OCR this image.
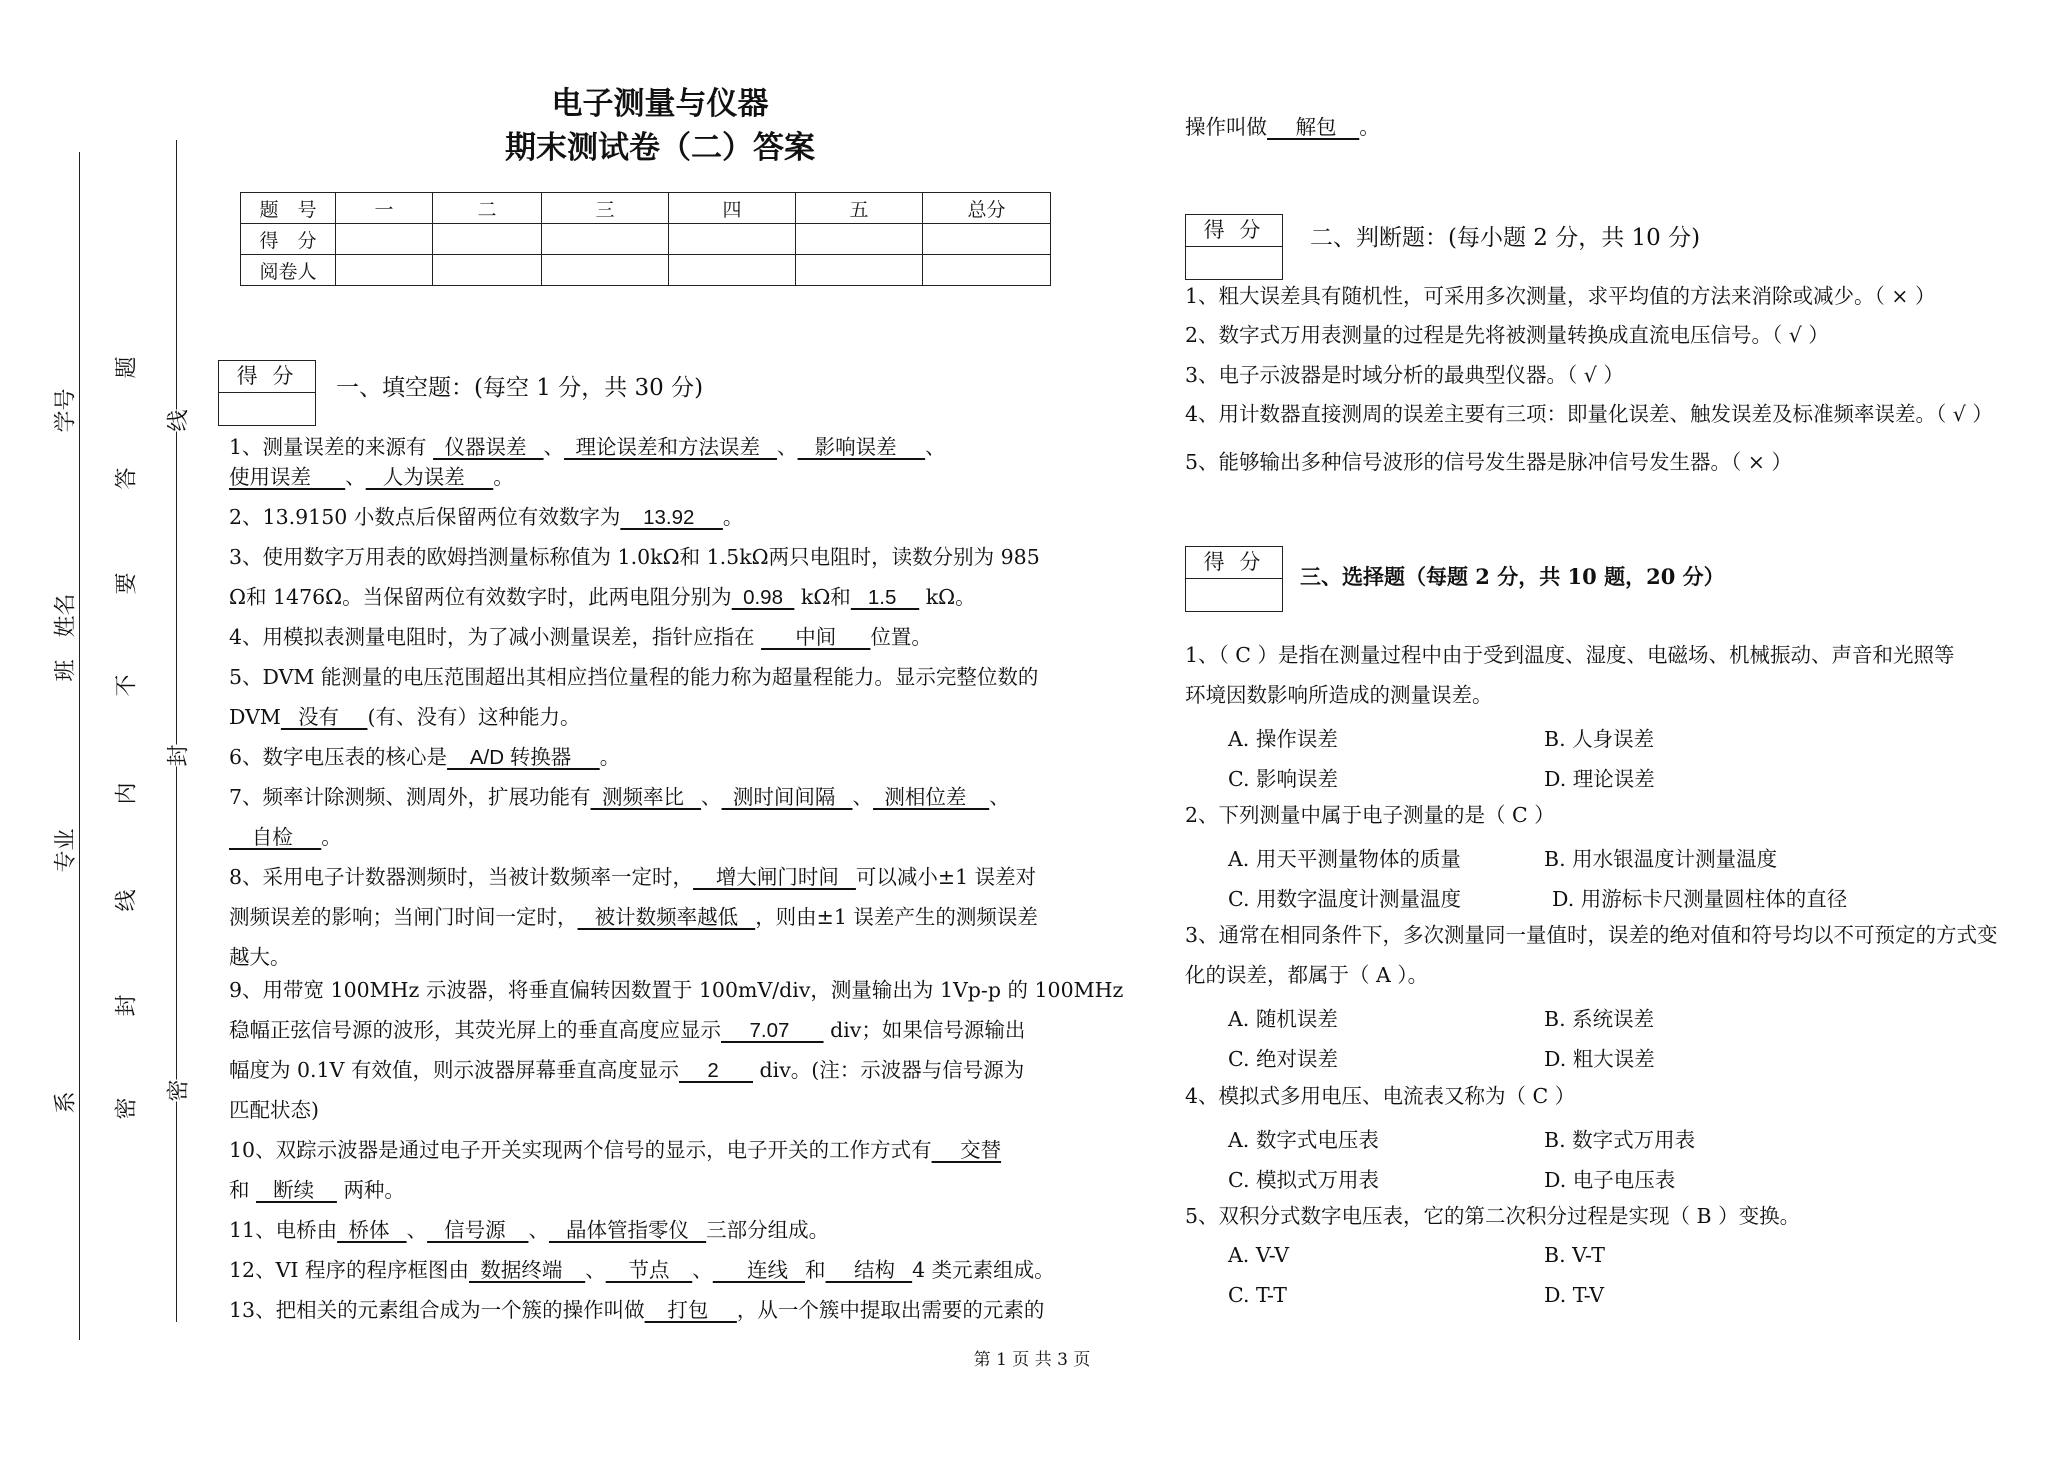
学号
姓名
班
专业
系
题
答
要
不
内
线
封
密
线
封
密
电子测量与仪器
期末测试卷（二）答案
题　号	一	二	三	四	五	总分
得　分						
阅卷人						
得 分	一、填空题：(每空 1 分，共 30 分)
1、测量误差的来源有   仪器误差   、  理论误差和方法误差   、   影响误差     、
使用误差      、   人为误差     。
2、13.9150 小数点后保留两位有效数字为    13.92     。
3、使用数字万用表的欧姆挡测量标称值为 1.0kΩ和 1.5kΩ两只电阻时，读数分别为 985
Ω和 1476Ω。当保留两位有效数字时，此两电阻分别为  0.98   kΩ和   1.5     kΩ。
4、用模拟表测量电阻时，为了减小测量误差，指针应指在       中间      位置。
5、DVM 能测量的电压范围超出其相应挡位量程的能力称为超量程能力。显示完整位数的
DVM   没有     (有、没有）这种能力。
6、数字电压表的核心是    A/D 转换器     。
7、频率计除测频、测周外，扩展功能有  测频率比   、  测时间间隔   、  测相位差    、
自检     。
8、采用电子计数器测频时，当被计数频率一定时，    增大闸门时间   可以减小±1 误差对
测频误差的影响；当闸门时间一定时，   被计数频率越低   ，则由±1 误差产生的测频误差
越大。
9、用带宽 100MHz 示波器，将垂直偏转因数置于 100mV/div，测量输出为 1Vp-p 的 100MHz
稳幅正弦信号源的波形，其荧光屏上的垂直高度应显示     7.07       div；如果信号源输出
幅度为 0.1V 有效值，则示波器屏幕垂直高度显示     2       div。(注：示波器与信号源为
匹配状态)
10、双踪示波器是通过电子开关实现两个信号的显示，电子开关的工作方式有     交替
和    断续     两种。
11、电桥由  桥体   、   信号源    、   晶体管指零仪   三部分组成。
12、VI 程序的程序框图由  数据终端    、    节点    、      连线   和     结构   4 类元素组成。
13、把相关的元素组合成为一个簇的操作叫做    打包     ，从一个簇中提取出需要的元素的
操作叫做     解包    。
得 分	二、判断题：(每小题 2 分，共 10 分)
1、粗大误差具有随机性，可采用多次测量，求平均值的方法来消除或减少。（ × ）
2、数字式万用表测量的过程是先将被测量转换成直流电压信号。（ √ ）
3、电子示波器是时域分析的最典型仪器。（ √ ）
4、用计数器直接测周的误差主要有三项：即量化误差、触发误差及标准频率误差。（ √ ）
5、能够输出多种信号波形的信号发生器是脉冲信号发生器。（ × ）
得 分
三、选择题（每题 2 分，共 10 题，20 分）
1、（ C ）是指在测量过程中由于受到温度、湿度、电磁场、机械振动、声音和光照等
环境因数影响所造成的测量误差。
A. 操作误差	B. 人身误差
C. 影响误差	D. 理论误差
2、下列测量中属于电子测量的是（ C ）
A. 用天平测量物体的质量	B. 用水银温度计测量温度
C. 用数字温度计测量温度	D. 用游标卡尺测量圆柱体的直径
3、通常在相同条件下，多次测量同一量值时，误差的绝对值和符号均以不可预定的方式变
化的误差，都属于（ A ）。
A. 随机误差	B. 系统误差
C. 绝对误差	D. 粗大误差
4、模拟式多用电压、电流表又称为（ C ）
A. 数字式电压表	B. 数字式万用表
C. 模拟式万用表	D. 电子电压表
5、双积分式数字电压表，它的第二次积分过程是实现（ B ）变换。
A. V-V	B. V-T
C. T-T	D. T-V
第 1 页 共 3 页
